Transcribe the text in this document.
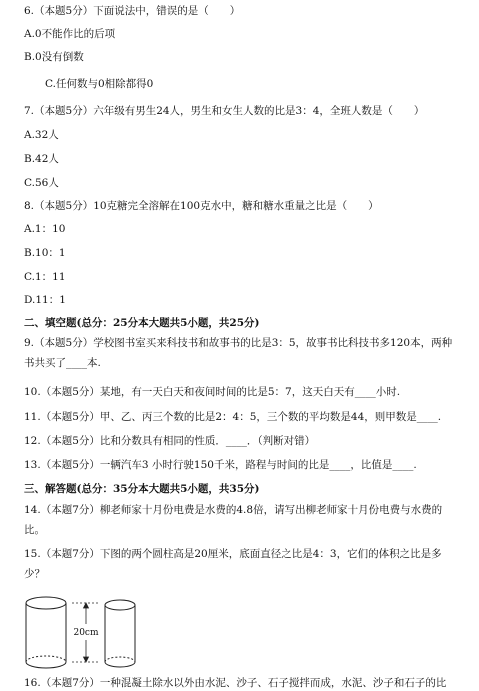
6.（本题5分）下面说法中，错误的是（　　）
A.0不能作比的后项
B.0没有倒数
C.任何数与0相除都得0
7.（本题5分）六年级有男生24人，男生和女生人数的比是3：4，全班人数是（　　）
A.32人
B.42人
C.56人
8.（本题5分）10克糖完全溶解在100克水中，糖和糖水重量之比是（　　）
A.1：10
B.10：1
C.1：11
D.11：1
二、填空题(总分：25分本大题共5小题，共25分)
9.（本题5分）学校图书室买来科技书和故事书的比是3：5，故事书比科技书多120本，两种书共买了____本.
10.（本题5分）某地，有一天白天和夜间时间的比是5：7，这天白天有____小时.
11.（本题5分）甲、乙、丙三个数的比是2：4：5，三个数的平均数是44，则甲数是____.
12.（本题5分）比和分数具有相同的性质．____．（判断对错）
13.（本题5分）一辆汽车3 小时行驶150千米，路程与时间的比是____，比值是____.
三、解答题(总分：35分本大题共5小题，共35分)
14.（本题7分）柳老师家十月份电费是水费的4.8倍，请写出柳老师家十月份电费与水费的比。
15.（本题7分）下图的两个圆柱高是20厘米，底面直径之比是4：3，它们的体积之比是多少？
20cm
16.（本题7分）一种混凝土除水以外由水泥、沙子、石子搅拌而成，水泥、沙子和石子的比
